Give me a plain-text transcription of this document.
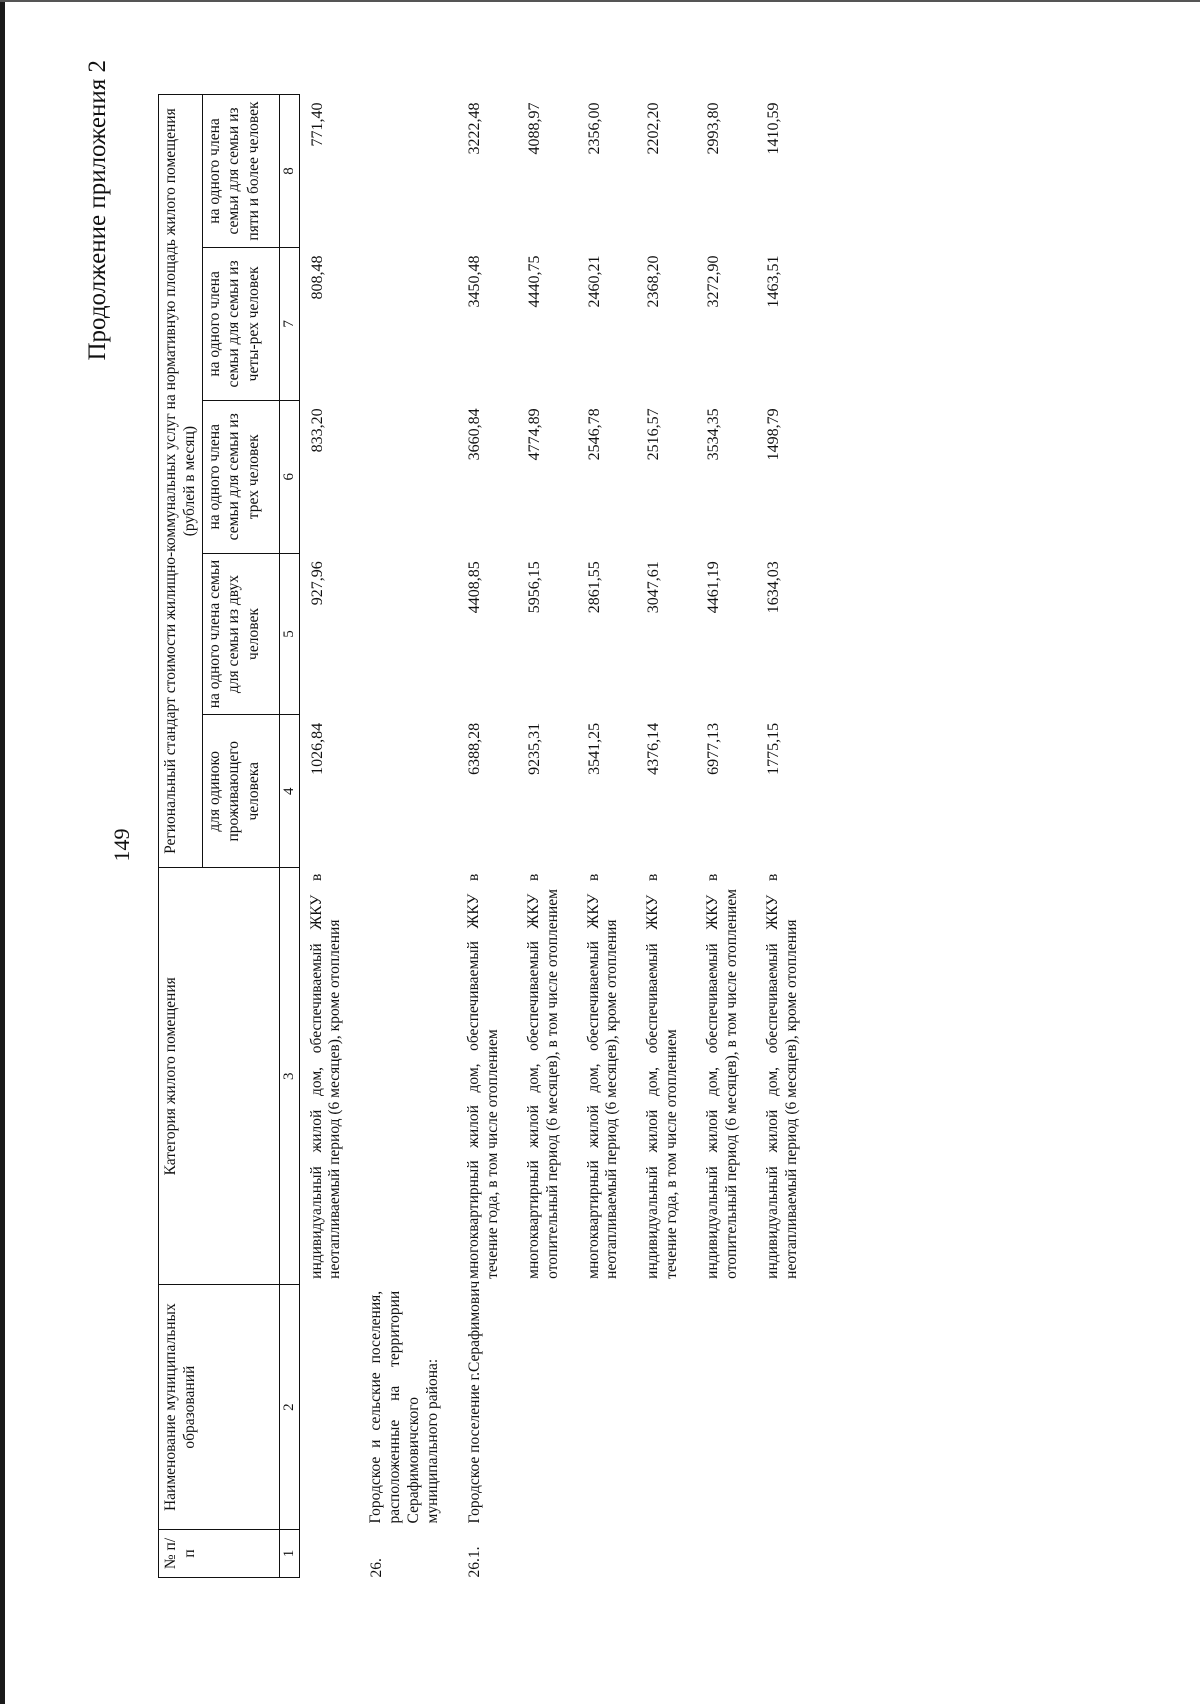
149
Продолжение приложения 2
№ п/п	Наименование муниципальных образований	Категория жилого помещения	Региональный стандарт стоимости жилищно-коммунальных услуг на нормативную площадь жилого помещения (рублей в месяц)				
			для одиноко проживающего человека	на одного члена семьи для семьи из двух человек	на одного члена семьи для семьи из трех человек	на одного члена семьи для семьи из четы-рех человек	на одного члена семьи для семьи из пяти и более человек
1	2	3	4	5	6	7	8
		индивидуальный жилой дом, обеспечиваемый ЖКУ в неотапливаемый период (6 месяцев), кроме отопления	1026,84	927,96	833,20	808,48	771,40
26.	Городское и сельские поселения, расположенные на территории Серафимовичского муниципального района:						
26.1.	Городское поселение г.Серафимович	многоквартирный жилой дом, обеспечиваемый ЖКУ в течение года, в том числе отоплением	6388,28	4408,85	3660,84	3450,48	3222,48
		многоквартирный жилой дом, обеспечиваемый ЖКУ в отопительный период (6 месяцев), в том числе отоплением	9235,31	5956,15	4774,89	4440,75	4088,97
		многоквартирный жилой дом, обеспечиваемый ЖКУ в неотапливаемый период (6 месяцев), кроме отопления	3541,25	2861,55	2546,78	2460,21	2356,00
		индивидуальный жилой дом, обеспечиваемый ЖКУ в течение года, в том числе отоплением	4376,14	3047,61	2516,57	2368,20	2202,20
		индивидуальный жилой дом, обеспечиваемый ЖКУ в отопительный период (6 месяцев), в том числе отоплением	6977,13	4461,19	3534,35	3272,90	2993,80
		индивидуальный жилой дом, обеспечиваемый ЖКУ в неотапливаемый период (6 месяцев), кроме отопления	1775,15	1634,03	1498,79	1463,51	1410,59
